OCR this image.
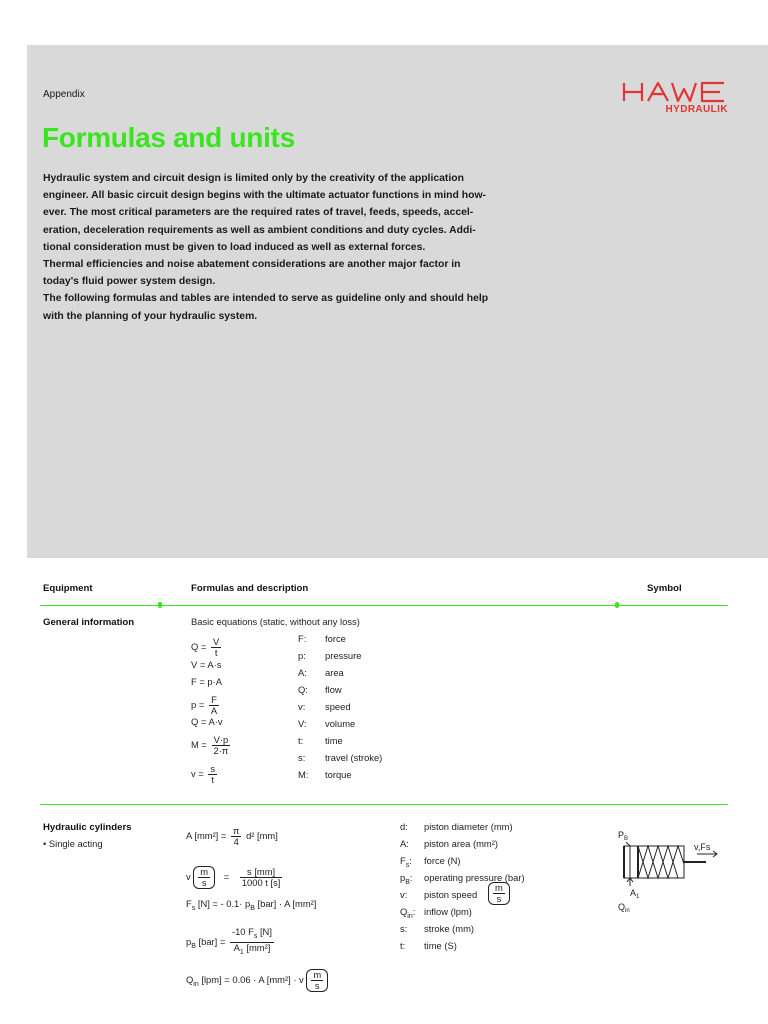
Appendix
Formulas and units
HYDRAULIK
Hydraulic system and circuit design is limited only by the creativity of the application
engineer. All basic circuit design begins with the ultimate actuator functions in mind how-
ever. The most critical parameters are the required rates of travel, feeds, speeds, accel-
eration, deceleration requirements as well as ambient conditions and duty cycles. Addi-
tional consideration must be given to load induced as well as external forces.
Thermal efficiencies and noise abatement considerations are another major factor in
today's fluid power system design.
The following formulas and tables are intended to serve as guideline only and should help
with the planning of your hydraulic system.
Equipment	Formulas and description	Symbol
General information	Basic equations (static, without any loss)
$Q = \frac{V}{t}$
V = A·s
F = p·A
$p = \frac{F}{A}$
Q = A·v
$M = \frac{V\cdot p}{2\cdot\pi}$
$v = \frac{s}{t}$
F: force
p: pressure
A: area
Q: flow
v: speed
V: volume
t: time
s: travel (stroke)
M: torque
Hydraulic cylinders
• Single acting
A $[mm^2] = \frac{\pi}{4} d^2$ [mm]
v $\frac{m}{s} = \frac{s [mm]}{1000 t [s]}$
$F_s$ [N] = - $0.1\cdot p_B$ [bar] · A [mm²]
$p_B$ $[bar] = \frac{-10 F_s [N]}{A_1 [mm^2]}$
$Q_{in}$ [lpm] = 0.06 · A [mm²] · v $\frac{m}{s}$
d: piston diameter (mm)
A: piston area (mm²)
$F_s$: force (N)
$p_B$: operating pressure (bar)
v: piston speed
$Q_{in}$: inflow (lpm)
s: stroke (mm)
t: time (S)
$\frac{m}{s}$
$P_B$
v,Fs
$A_1$
$Q_{in}$
